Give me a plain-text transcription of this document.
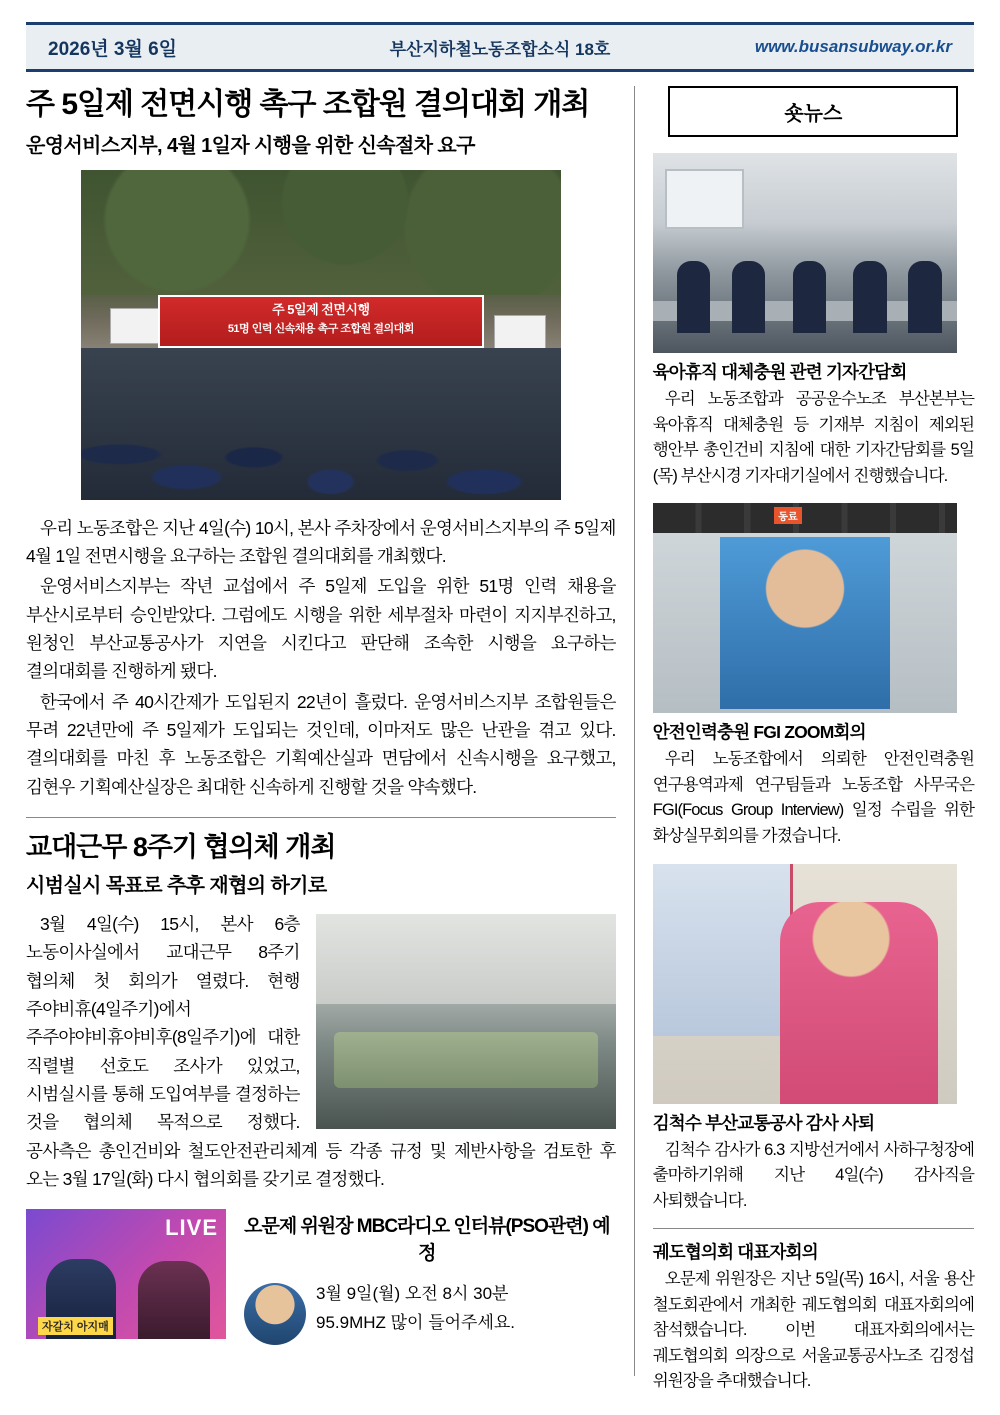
2026년 3월 6일	부산지하철노동조합소식 18호	www.busansubway.or.kr
주 5일제 전면시행 촉구 조합원 결의대회 개최
운영서비스지부, 4월 1일자 시행을 위한 신속절차 요구
주 5일제 전면시행
51명 인력 신속채용 촉구 조합원 결의대회

우리 노동조합은 지난 4일(수) 10시, 본사 주차장에서 운영서비스지부의 주 5일제 4월 1일 전면시행을 요구하는 조합원 결의대회를 개최했다.

운영서비스지부는 작년 교섭에서 주 5일제 도입을 위한 51명 인력 채용을 부산시로부터 승인받았다. 그럼에도 시행을 위한 세부절차 마련이 지지부진하고, 원청인 부산교통공사가 지연을 시킨다고 판단해 조속한 시행을 요구하는 결의대회를 진행하게 됐다.

한국에서 주 40시간제가 도입된지 22년이 흘렀다. 운영서비스지부 조합원들은 무려 22년만에 주 5일제가 도입되는 것인데, 이마저도 많은 난관을 겪고 있다. 결의대회를 마친 후 노동조합은 기획예산실과 면담에서 신속시행을 요구했고, 김현우 기획예산실장은 최대한 신속하게 진행할 것을 약속했다.

교대근무 8주기 협의체 개최
시범실시 목표로 추후 재협의 하기로

3월 4일(수) 15시, 본사 6층 노동이사실에서 교대근무 8주기 협의체 첫 회의가 열렸다. 현행 주야비휴(4일주기)에서 주주야야비휴야비후(8일주기)에 대한 직렬별 선호도 조사가 있었고, 시범실시를 통해 도입여부를 결정하는 것을 협의체 목적으로 정했다. 공사측은 총인건비와 철도안전관리체계 등 각종 규정 및 제반사항을 검토한 후 오는 3월 17일(화) 다시 협의회를 갖기로 결정했다.

LIVE
자갈치 아지매
오문제 위원장 MBC라디오 인터뷰(PSO관련) 예정
3월 9일(월) 오전 8시 30분
95.9MHZ 많이 들어주세요.
숏뉴스
육아휴직 대체충원 관련 기자간담회

우리 노동조합과 공공운수노조 부산본부는 육아휴직 대체충원 등 기재부 지침이 제외된 행안부 총인건비 지침에 대한 기자간담회를 5일(목) 부산시경 기자대기실에서 진행했습니다.

동료
안전인력충원 FGI ZOOM회의

우리 노동조합에서 의뢰한 안전인력충원 연구용역과제 연구팀들과 노동조합 사무국은 FGI(Focus Group Interview) 일정 수립을 위한 화상실무회의를 가졌습니다.

김척수 부산교통공사 감사 사퇴

김척수 감사가 6.3 지방선거에서 사하구청장에 출마하기위해 지난 4일(수) 감사직을 사퇴했습니다.

궤도협의회 대표자회의

오문제 위원장은 지난 5일(목) 16시, 서울 용산 철도회관에서 개최한 궤도협의회 대표자회의에 참석했습니다. 이번 대표자회의에서는 궤도협의회 의장으로 서울교통공사노조 김정섭 위원장을 추대했습니다.
